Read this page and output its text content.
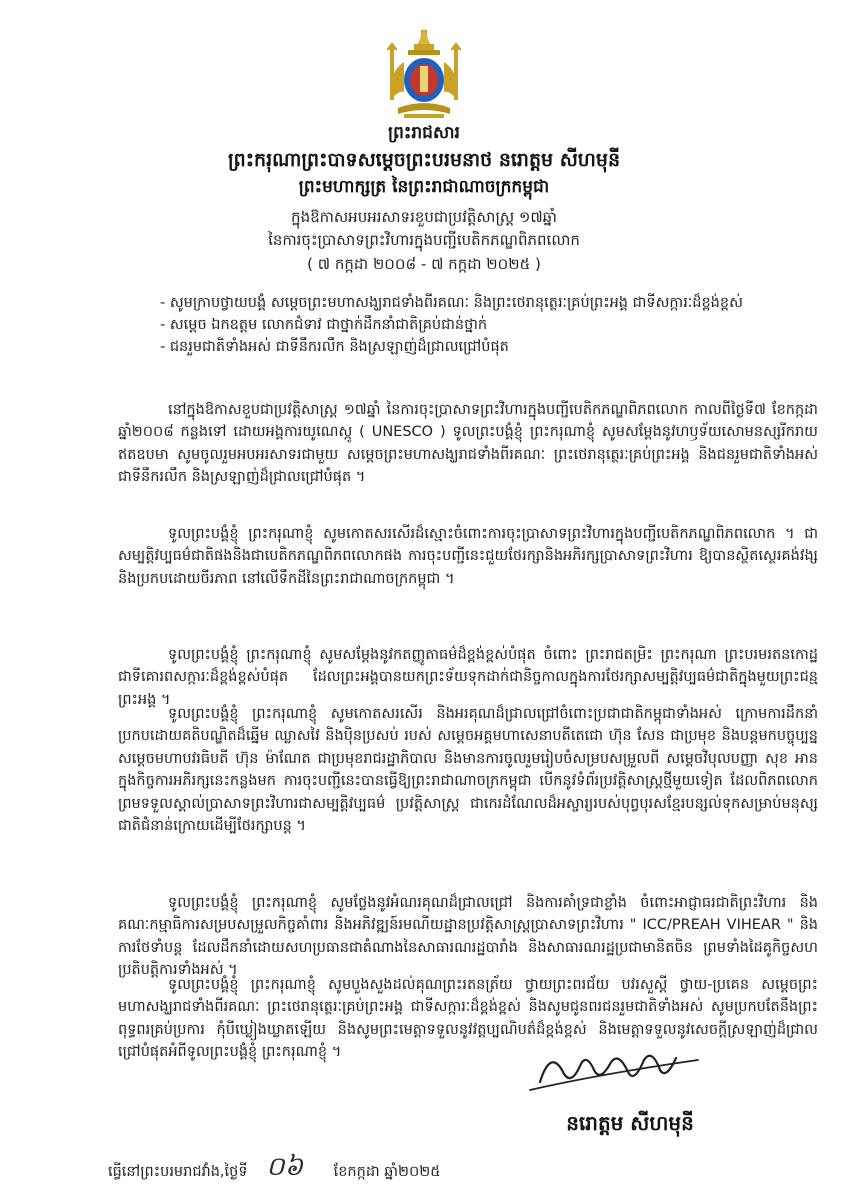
ព្រះរាជសារ
ព្រះករុណាព្រះបាទសម្តេចព្រះបរមនាថ នរោត្តម សីហមុនី
ព្រះមហាក្សត្រ នៃព្រះរាជាណាចក្រកម្ពុជា
ក្នុងឱកាសអបអរសាទរខួបជាប្រវត្តិសាស្ត្រ ១៧ឆ្នាំ
នៃការចុះប្រាសាទព្រះវិហារក្នុងបញ្ជីបេតិកភណ្ឌពិភពលោក
( ៧ កក្កដា ២០០៨ - ៧ កក្កដា ២០២៥ )
- សូមក្រាបថ្វាយបង្គំ សម្តេចព្រះមហាសង្ឃរាជទាំងពីរគណៈ និងព្រះថេរានុត្ថេរៈគ្រប់ព្រះអង្គ ជាទីសក្ការៈដ៏ខ្ពង់ខ្ពស់
- សម្តេច ឯកឧត្តម លោកជំទាវ ជាថ្នាក់ដឹកនាំជាតិគ្រប់ជាន់ថ្នាក់
- ជនរួមជាតិទាំងអស់ ជាទីនឹករលឹក និងស្រឡាញ់ដ៏ជ្រាលជ្រៅបំផុត

នៅក្នុងឱកាសខួបជាប្រវត្តិសាស្ត្រ ១៧ឆ្នាំ នៃការចុះប្រាសាទព្រះវិហារក្នុងបញ្ជីបេតិកភណ្ឌពិភពលោក កាលពីថ្ងៃទី៧ ខែកក្កដា ឆ្នាំ២០០៨ កន្លងទៅ ដោយអង្គការយូណេស្កូ ( UNESCO ) ទូលព្រះបង្គំខ្ញុំ ព្រះករុណាខ្ញុំ សូមសម្តែងនូវហឫទ័យសោមនស្សរីករាយឥតឧបមា សូមចូលរួមអបអរសាទរជាមួយ សម្តេចព្រះមហាសង្ឃរាជទាំងពីរគណៈ ព្រះថេរានុត្ថេរៈគ្រប់ព្រះអង្គ និងជនរួមជាតិទាំងអស់ ជាទីនឹករលឹក និងស្រឡាញ់ដ៏ជ្រាលជ្រៅបំផុត ។

ទូលព្រះបង្គំខ្ញុំ ព្រះករុណាខ្ញុំ សូមកោតសរសើរដ៏ស្មោះចំពោះការចុះប្រាសាទព្រះវិហារក្នុងបញ្ជីបេតិកភណ្ឌពិភពលោក ។ ជាសម្បត្តិវប្បធម៌ជាតិផងនិងជាបេតិកភណ្ឌពិភពលោកផង ការចុះបញ្ជីនេះជួយថែរក្សានិងអភិរក្សប្រាសាទព្រះវិហារ ឱ្យបានស្ថិតស្ថេរគង់វង្សនិងប្រកបដោយចីរភាព នៅលើទឹកដីនៃព្រះរាជាណាចក្រកម្ពុជា ។

ទូលព្រះបង្គំខ្ញុំ ព្រះករុណាខ្ញុំ សូមសម្តែងនូវកតញ្ញូតាធម៌ដ៏ខ្ពង់ខ្ពស់បំផុត ចំពោះ ព្រះរាជតម្រិះ ព្រះករុណា ព្រះបរមរតនកោដ្ឋ ជាទីគោរពសក្ការៈដ៏ខ្ពង់ខ្ពស់បំផុត ដែលព្រះអង្គបានយកព្រះទ័យទុកដាក់ជានិច្ចកាលក្នុងការថែរក្សាសម្បត្តិវប្បធម៌ជាតិក្នុងមួយព្រះជន្មព្រះអង្គ ។

ទូលព្រះបង្គំខ្ញុំ ព្រះករុណាខ្ញុំ សូមកោតសរសើរ និងអរគុណដ៏ជ្រាលជ្រៅចំពោះប្រជាជាតិកម្ពុជាទាំងអស់ ក្រោមការដឹកនាំប្រកបដោយគតិបណ្ឌិតដ៏ឆ្នើម ឈ្លាសវៃ និងប៉ិនប្រសប់ របស់ សម្តេចអគ្គមហាសេនាបតីតេជោ ហ៊ុន សែន ជាប្រមុខ និងបន្តមកបច្ចុប្បន្ន សម្តេចមហាបវរធិបតី ហ៊ុន ម៉ាណែត ជាប្រមុខរាជរដ្ឋាភិបាល និងមានការចូលរួមរៀបចំសម្របសម្រួលពី សម្តេចវិបុលបញ្ញា សុខ អាន ក្នុងកិច្ចការអភិរក្សនេះកន្លងមក ការចុះបញ្ជីនេះបានធ្វើឱ្យព្រះរាជាណាចក្រកម្ពុជា បើកនូវទំព័រប្រវត្តិសាស្ត្រថ្មីមួយទៀត ដែលពិភពលោកព្រមទទួលស្គាល់ប្រាសាទព្រះវិហារជាសម្បត្តិវប្បធម៌ ប្រវត្តិសាស្ត្រ ជាកេរដំណែលដ៏អស្ចារ្យរបស់បុព្វបុរសខ្មែរបន្សល់ទុកសម្រាប់មនុស្សជាតិជំនាន់ក្រោយដើម្បីថែរក្សាបន្ត ។

ទូលព្រះបង្គំខ្ញុំ ព្រះករុណាខ្ញុំ សូមថ្លែងនូវអំណរគុណដ៏ជ្រាលជ្រៅ និងការគាំទ្រជាខ្លាំង ចំពោះអាជ្ញាធរជាតិព្រះវិហារ និងគណៈកម្មាធិការសម្របសម្រួលកិច្ចគាំពារ និងអភិវឌ្ឍន៍រមណីយដ្ឋានប្រវត្តិសាស្ត្រប្រាសាទព្រះវិហារ " ICC/PREAH VIHEAR " និងការថែទាំបន្ត ដែលដឹកនាំដោយសហប្រធានជាតំណាងនៃសាធារណរដ្ឋបារាំង និងសាធារណរដ្ឋប្រជាមានិតចិន ព្រមទាំងដៃគូកិច្ចសហប្រតិបត្តិការទាំងអស់ ។

ទូលព្រះបង្គំខ្ញុំ ព្រះករុណាខ្ញុំ សូមបួងសួងដល់គុណព្រះរតនត្រ័យ ថ្វាយព្រះពរជ័យ បវរសួស្តី ថ្វាយ-ប្រគេន សម្តេចព្រះមហាសង្ឃរាជទាំងពីរគណៈ ព្រះថេរានុត្ថេរៈគ្រប់ព្រះអង្គ ជាទីសក្ការៈដ៏ខ្ពង់ខ្ពស់ និងសូមជូនពរជនរួមជាតិទាំងអស់ សូមប្រកបតែនឹងព្រះពុទ្ធពរគ្រប់ប្រការ កុំបីឃ្លៀងឃ្លាតឡើយ និងសូមព្រះមេត្តាទទួលនូវវត្តប្បណិបត៌ដ៏ខ្ពង់ខ្ពស់ និងមេត្តាទទួលនូវសេចក្តីស្រឡាញ់ដ៏ជ្រាលជ្រៅបំផុតអំពីទូលព្រះបង្គំខ្ញុំ ព្រះករុណាខ្ញុំ ។

នរោត្តម សីហមុនី
ធ្វើនៅព្រះបរមរាជវាំង,ថ្ងៃទី ០៦ ខែកក្កដា ឆ្នាំ២០២៥
